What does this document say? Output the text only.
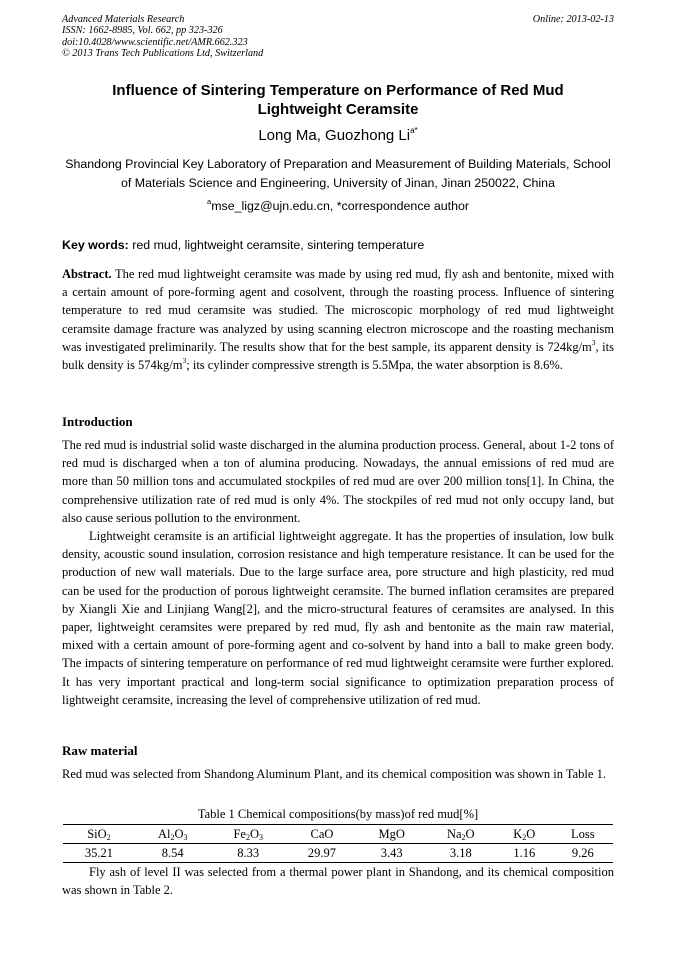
Advanced Materials Research
ISSN: 1662-8985, Vol. 662, pp 323-326
doi:10.4028/www.scientific.net/AMR.662.323
© 2013 Trans Tech Publications Ltd, Switzerland
Online: 2013-02-13
Influence of Sintering Temperature on Performance of Red Mud
Lightweight Ceramsite
Long Ma, Guozhong $Li^{a*}$
Shandong Provincial Key Laboratory of Preparation and Measurement of Building Materials, School
of Materials Science and Engineering, University of Jinan, Jinan 250022, China
$^a$mse_ligz@ujn.edu.cn, *correspondence author
Key words: red mud, lightweight ceramsite, sintering temperature
Abstract. The red mud lightweight ceramsite was made by using red mud, fly ash and bentonite, mixed with a certain amount of pore-forming agent and cosolvent, through the roasting process. Influence of sintering temperature to red mud ceramsite was studied. The microscopic morphology of red mud lightweight ceramsite damage fracture was analyzed by using scanning electron microscope and the roasting mechanism was investigated preliminarily. The results show that for the best sample, its apparent density is $724kg/m^3$, its bulk density is $574kg/m^3$; its cylinder compressive strength is 5.5Mpa, the water absorption is 8.6%.
Introduction
The red mud is industrial solid waste discharged in the alumina production process. General, about 1-2 tons of red mud is discharged when a ton of alumina producing. Nowadays, the annual emissions of red mud are more than 50 million tons and accumulated stockpiles of red mud are over 200 million tons[1]. In China, the comprehensive utilization rate of red mud is only 4%. The stockpiles of red mud not only occupy land, but also cause serious pollution to the environment.
Lightweight ceramsite is an artificial lightweight aggregate. It has the properties of insulation, low bulk density, acoustic sound insulation, corrosion resistance and high temperature resistance. It can be used for the production of new wall materials. Due to the large surface area, pore structure and high plasticity, red mud can be used for the production of porous lightweight ceramsite. The burned inflation ceramsites are prepared by Xiangli Xie and Linjiang Wang[2], and the micro-structural features of ceramsites are analysed. In this paper, lightweight ceramsites were prepared by red mud, fly ash and bentonite as the main raw material, mixed with a certain amount of pore-forming agent and co-solvent by hand into a ball to make green body. The impacts of sintering temperature on performance of red mud lightweight ceramsite were further explored. It has very important practical and long-term social significance to optimization preparation process of lightweight ceramsite, increasing the level of comprehensive utilization of red mud.
Raw material
Red mud was selected from Shandong Aluminum Plant, and its chemical composition was shown in Table 1.
Table 1 Chemical compositions(by mass)of red mud[%]
SiO$_2$	$Al_2O_3$	$Fe_2O_3$	CaO	MgO	$Na_2O$	$K_2O$	Loss
35.21	8.54	8.33	29.97	3.43	3.18	1.16	9.26
Fly ash of level II was selected from a thermal power plant in Shandong, and its chemical composition was shown in Table 2.
